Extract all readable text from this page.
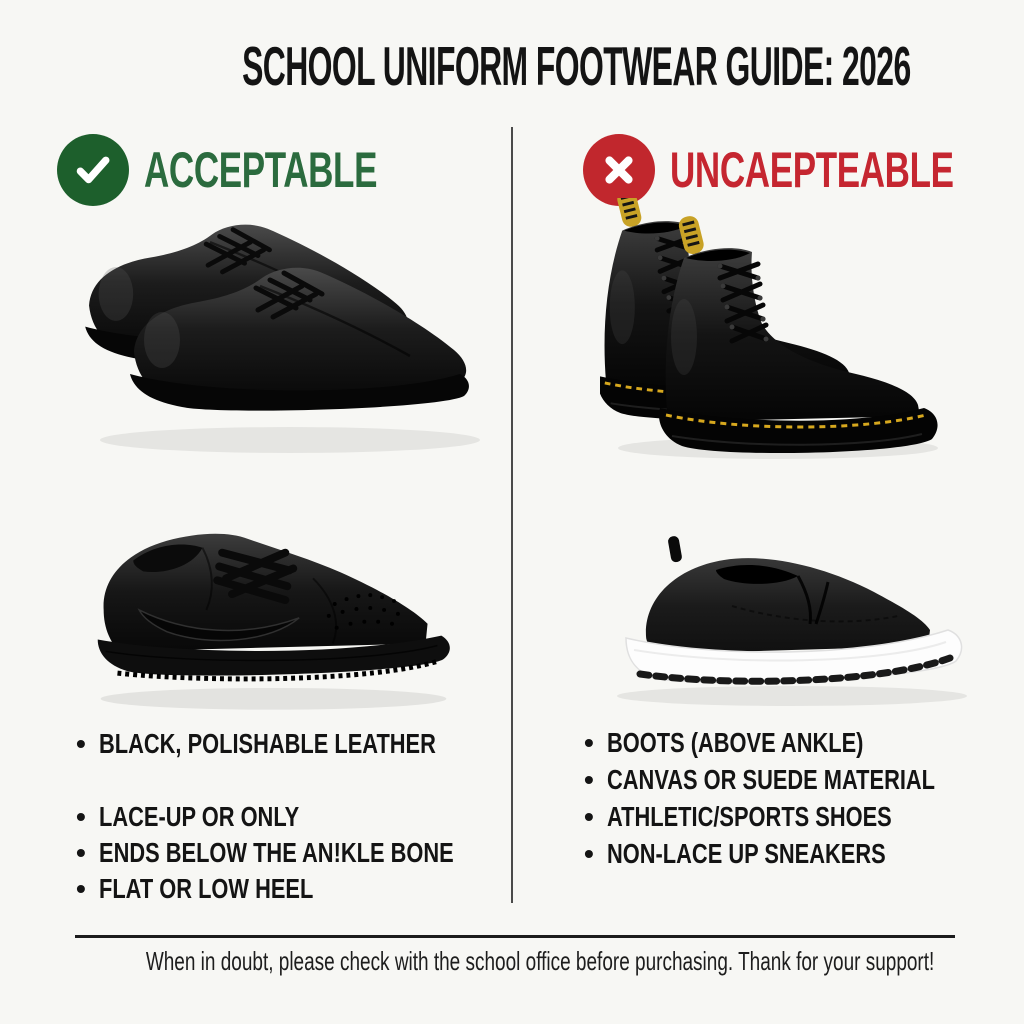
SCHOOL UNIFORM FOOTWEAR GUIDE: 2026
ACCEPTABLE	UNCAEPTEABLE
• BLACK, POLISHABLE LEATHER
• LACE-UP OR ONLY
• ENDS BELOW THE AN!KLE BONE
• FLAT OR LOW HEEL
• BOOTS (ABOVE ANKLE)
• CANVAS OR SUEDE MATERIAL
• ATHLETIC/SPORTS SHOES
• NON-LACE UP SNEAKERS

When in doubt, please check with the school office before purchasing. Thank for your support!
